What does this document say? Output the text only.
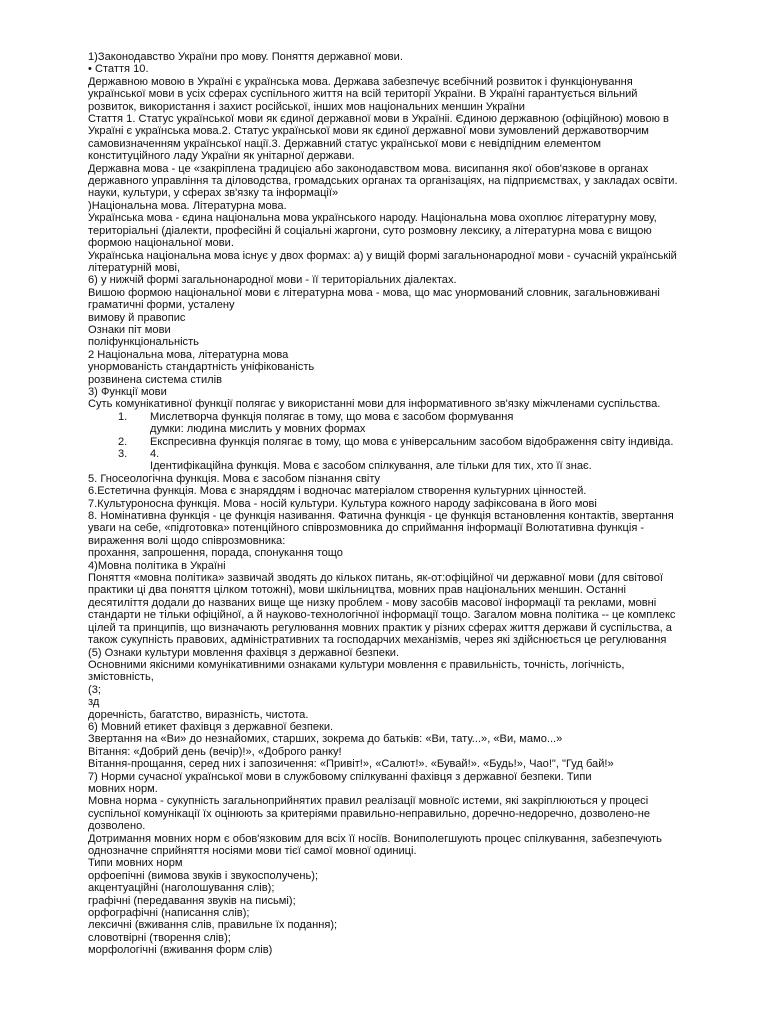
1)Законодавство України про мову. Поняття державної мови.
• Стаття 10.
Державною мовою в Україні є українська мова. Держава забезпечує всебічний розвиток і функціонування
української мови в усіх сферах суспільного життя на всій території України. В Україні гарантується вільний
розвиток, використання і захист російської, інших мов національних меншин України
Стаття 1. Статус української мови як єдиної державної мови в Україніі. Єдиною державною (офіційною) мовою в
Україні є українська мова.2. Статус української мови як єдиної державної мови зумовлений державотворчим
самовизначенням української нації.3. Державний статус української мови є невідпідним елементом
конституційного ладу України як унітарної держави.
Державна мова - це «закріплена традицією або законодавством мова. висипання якої обов'язкове в органах
державного управління та діловодства, громадських органах та організаціях, на підприємствах, у закладах освіти.
науки, культури, у сферах зв'язку та інформації»
)Національна мова. Літературна мова.
Українська мова - єдина національна мова українського народу. Національна мова охоплює літературну мову,
територіальні (діалекти, професійні й соціальні жаргони, суто розмовну лексику, а літературна мова є вищою
формою національної мови.
Українська національна мова існує у двох формах: а) у вищій формі загальнонародної мови - сучасній українській
літературній мові,
6) у нижчій формі загальнонародної мови - її територіальних діалектах.
Вишою формою національної мови є літературна мова - мова, що мас унормований словник, загальновживані
граматичні форми, усталену
вимову й правопис
Ознаки піт мови
поліфункціональність
2 Національна мова, літературна мова
унормованість стандартність уніфікованість
розвинена система стилів
3) Функції мови
Суть комунікативної функції полягає у використанні мови для інформативного зв'язку міжчленами суспільства.
1.	Мислетворча функція полягає в тому, що мова є засобом формування
думки: людина мислить у мовних формах
2.	Експресивна функція полягає в тому, що мова є універсальним засобом відображення світу індивіда.
3.	4.
Ідентифікаційна функція. Мова є засобом спілкування, але тільки для тих, хто її знає.
5. Гносеологічна функція. Мова є засобом пізнання світу
6.Естетична функція. Мова є знаряддям і водночас матеріалом створення культурних цінностей.
7.Культуроносна функція. Мова - носій культури. Культура кожного народу зафіксована в його мові
8. Номінативна функція - це функція називання. Фатична функція - це функція встановлення контактів, звертання
уваги на себе, «підготовка» потенційного співрозмовника до сприймання інформації Волютативна функція -
вираження волі щодо співрозмовника:
прохання, запрошення, порада, спонукання тощо
4)Мовна політика в Україні
Поняття «мовна політика» зазвичай зводять до кількох питань, як-от:офіційної чи державної мови (для світової
практики ці два поняття цілком тотожні), мови шкільництва, мовних прав національних меншин. Останні
десятиліття додали до названих вище ще низку проблем - мову засобів масової інформації та реклами, мовні
стандарти не тільки офіційної, а й науково-технологічної інформації тощо. Загалом мовна політика -- це комплекс
цілей та принципів, що визначають регулювання мовних практик у різних сферах життя держави й суспільства, а
також сукупність правових, адміністративних та господарчих механізмів, через які здійснюється це регулювання
(5) Ознаки культури мовлення фахівця з державної безпеки.
Основними якісними комунікативними ознаками культури мовлення є правильність, точність, логічність,
змістовність,
(3;
зд
доречність, багатство, виразність, чистота.
6) Мовний етикет фахівця з державної безпеки.
Звертання на «Ви» до незнайомих, старших, зокрема до батьків: «Ви, тату...», «Ви, мамо...»
Вітання: «Добрий день (вечір)!», «Доброго ранку!
Вітання-прощання, серед них і запозичення: «Привіт!», «Салют!». «Бувай!». «Будь!», Чао!", "Гуд бай!»
7) Норми сучасної української мови в службовому спілкуванні фахівця з державної безпеки. Типи
мовних норм.
Мовна норма - сукупність загальноприйнятих правил реалізації мовноїс истеми, які закріплюються у процесі
суспільної комунікації їх оцінюють за критеріями правильно-неправильно, доречно-недоречно, дозволено-не
дозволено.
Дотримання мовних норм є обов'язковим для всіх її носіїв. Вониполегшують процес спілкування, забезпечують
однозначне сприйняття носіями мови тієї самої мовної одиниці.
Типи мовних норм
орфоепічні (вимова звуків і звукосполучень);
акцентуаційні (наголошування слів);
графічні (передавання звуків на письмі);
орфографічні (написання слів);
лексичні (вживання слів, правильне їх подання);
словотвірні (творення слів);
морфологічні (вживання форм слів)
